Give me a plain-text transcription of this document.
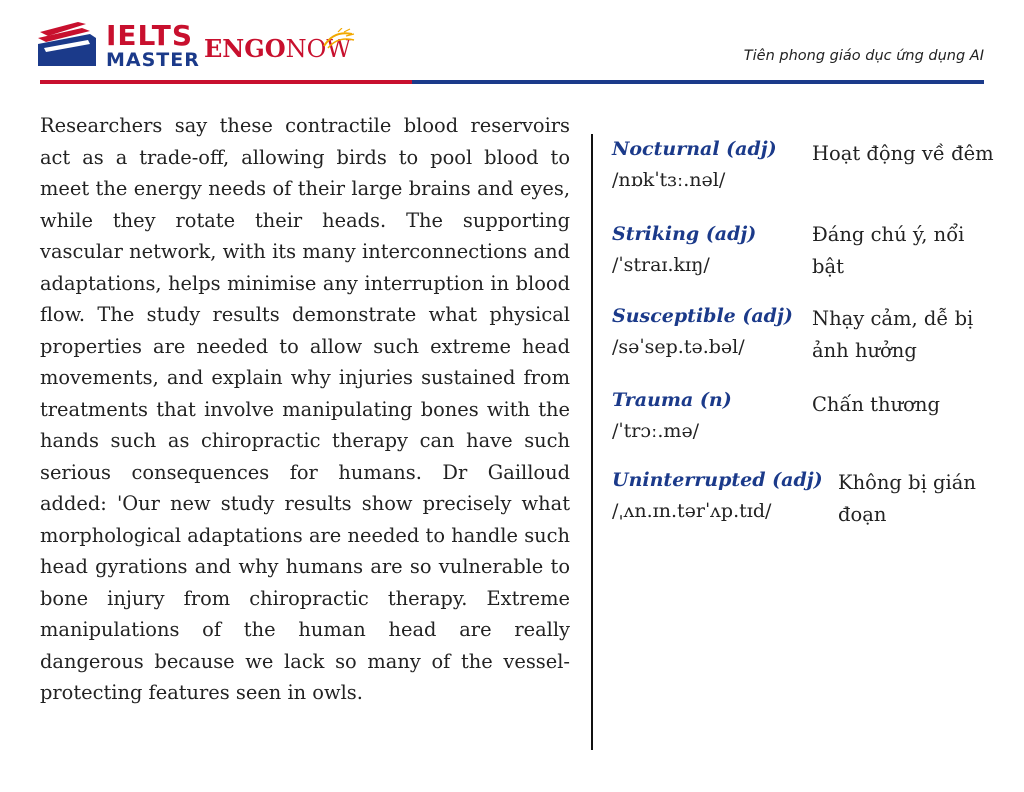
IELTS
MASTER ENGONOW	Tiên phong giáo dục ứng dụng AI

Researchers say these contractile blood reservoirs act as a trade-off, allowing birds to pool blood to meet the energy needs of their large brains and eyes, while they rotate their heads. The supporting vascular network, with its many interconnections and adaptations, helps minimise any interruption in blood flow. The study results demonstrate what physical properties are needed to allow such extreme head movements, and explain why injuries sustained from treatments that involve manipulating bones with the hands such as chiropractic therapy can have such serious consequences for humans. Dr Gailloud added: 'Our new study results show precisely what morphological adaptations are needed to handle such head gyrations and why humans are so vulnerable to bone injury from chiropractic therapy. Extreme manipulations of the human head are really dangerous because we lack so many of the vessel-protecting features seen in owls.

Nocturnal (adj)
/nɒkˈtɜː.nəl/
Hoạt động về đêm
Striking (adj)
/ˈstraɪ.kɪŋ/
Đáng chú ý, nổi bật
Susceptible (adj)
/səˈsep.tə.bəl/
Nhạy cảm, dễ bị ảnh hưởng
Trauma (n)
/ˈtrɔː.mə/
Chấn thương
Uninterrupted (adj)
/ˌʌn.ɪn.tərˈʌp.tɪd/
Không bị gián đoạn
